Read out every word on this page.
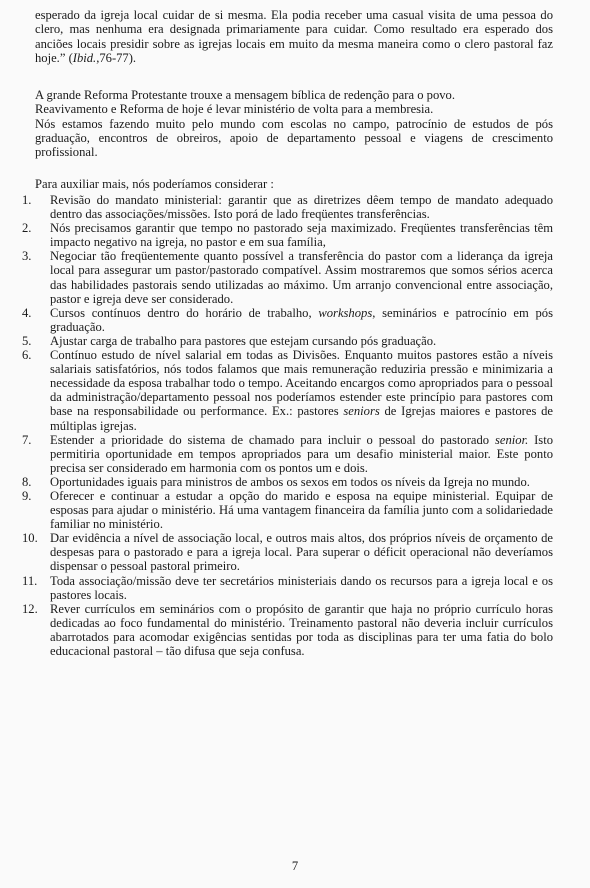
esperado da igreja local cuidar de si mesma. Ela podia receber uma casual visita de uma pessoa do clero, mas nenhuma era designada primariamente para cuidar. Como resultado era esperado dos anciões locais presidir sobre as igrejas locais em muito da mesma maneira como o clero pastoral faz hoje.” (Ibid.,76-77).

A grande Reforma Protestante trouxe a mensagem bíblica de redenção para o povo.
Reavivamento e Reforma de hoje é levar ministério de volta para a membresia.
Nós estamos fazendo muito pelo mundo com escolas no campo, patrocínio de estudos de pós graduação, encontros de obreiros, apoio de departamento pessoal e viagens de crescimento profissional.

Para auxiliar mais, nós poderíamos considerar :

1.	Revisão do mandato ministerial: garantir que as diretrizes dêem tempo de mandato adequado dentro das associações/missões. Isto porá de lado freqüentes transferências.
2.	Nós precisamos garantir que tempo no pastorado seja maximizado. Freqüentes transferências têm impacto negativo na igreja, no pastor e em sua família,
3.	Negociar tão freqüentemente quanto possível a transferência do pastor com a liderança da igreja local para assegurar um pastor/pastorado compatível. Assim mostraremos que somos sérios acerca das habilidades pastorais sendo utilizadas ao máximo. Um arranjo convencional entre associação, pastor e igreja deve ser considerado.
4.	Cursos contínuos dentro do horário de trabalho, workshops, seminários e patrocínio em pós graduação.
5.	Ajustar carga de trabalho para pastores que estejam cursando pós graduação.
6.	Contínuo estudo de nível salarial em todas as Divisões. Enquanto muitos pastores estão a níveis salariais satisfatórios, nós todos falamos que mais remuneração reduziria pressão e minimizaria a necessidade da esposa trabalhar todo o tempo. Aceitando encargos como apropriados para o pessoal da administração/departamento pessoal nos poderíamos estender este princípio para pastores com base na responsabilidade ou performance. Ex.: pastores seniors de Igrejas maiores e pastores de múltiplas igrejas.
7.	Estender a prioridade do sistema de chamado para incluir o pessoal do pastorado senior. Isto permitiria oportunidade em tempos apropriados para um desafio ministerial maior. Este ponto precisa ser considerado em harmonia com os pontos um e dois.
8.	Oportunidades iguais para ministros de ambos os sexos em todos os níveis da Igreja no mundo.
9.	Oferecer e continuar a estudar a opção do marido e esposa na equipe ministerial. Equipar de esposas para ajudar o ministério. Há uma vantagem financeira da família junto com a solidariedade familiar no ministério.
10. Dar evidência a nível de associação local, e outros mais altos, dos próprios níveis de orçamento de despesas para o pastorado e para a igreja local. Para superar o déficit operacional não deveríamos dispensar o pessoal pastoral primeiro.
11.	Toda associação/missão deve ter secretários ministeriais dando os recursos para a igreja local e os pastores locais.
12. Rever currículos em seminários com o propósito de garantir que haja no próprio currículo horas dedicadas ao foco fundamental do ministério. Treinamento pastoral não deveria incluir currículos abarrotados para acomodar exigências sentidas por toda as disciplinas para ter uma fatia do bolo educacional pastoral – tão difusa que seja confusa.
7
